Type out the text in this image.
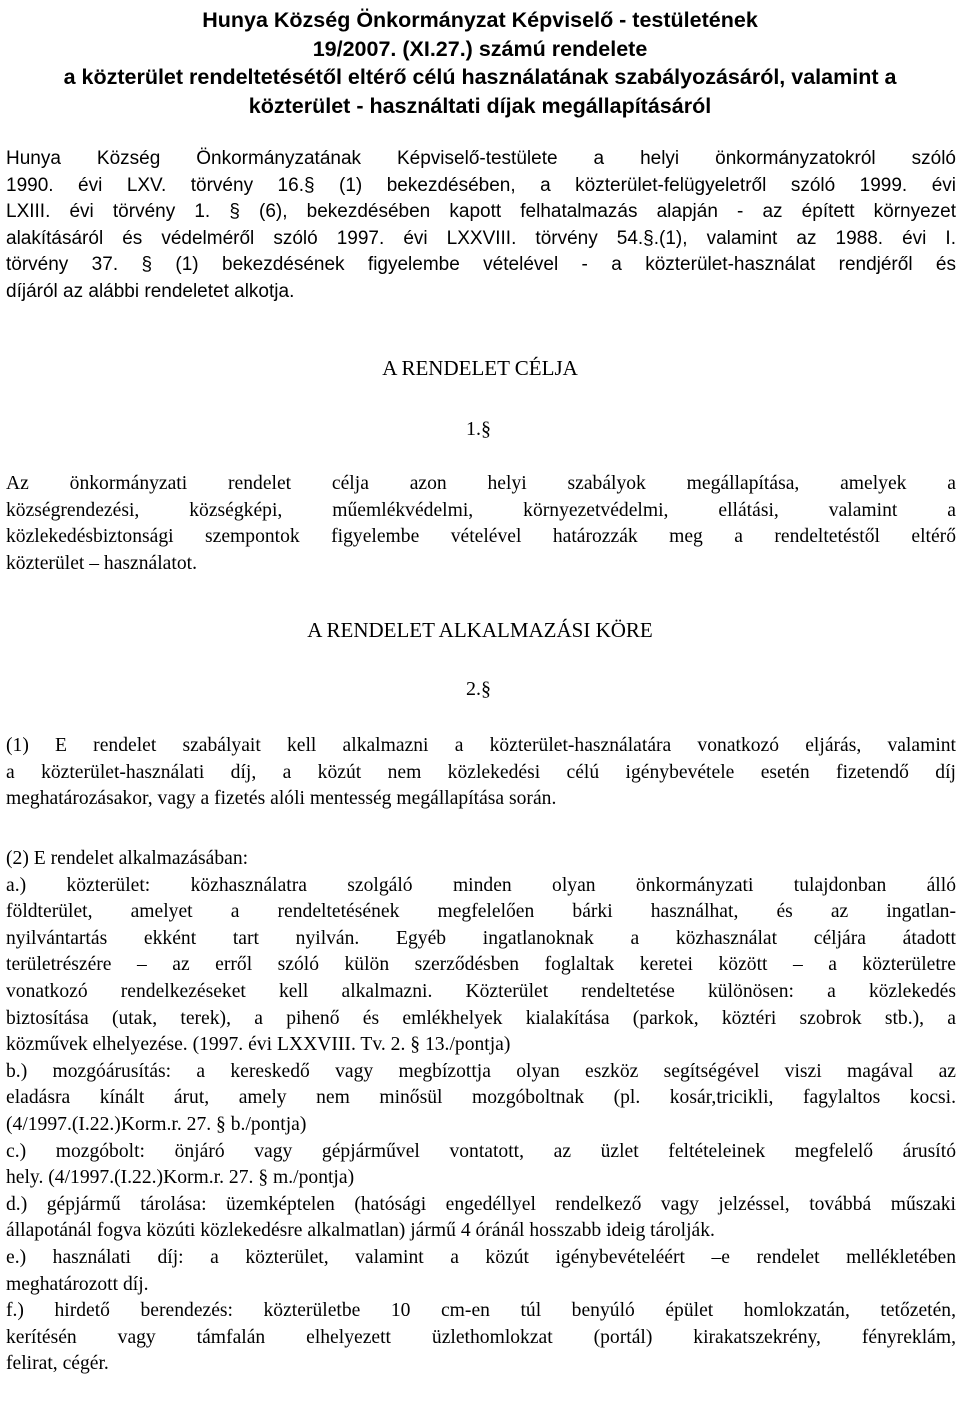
Hunya Község Önkormányzat Képviselő - testületének
19/2007. (XI.27.) számú rendelete
a közterület rendeltetésétől eltérő célú használatának szabályozásáról, valamint a
közterület - használtati díjak megállapításáról
Hunya Község Önkormányzatának Képviselő-testülete a helyi önkormányzatokról szóló
1990. évi LXV. törvény 16.§ (1) bekezdésében, a közterület-felügyeletről szóló 1999. évi
LXIII. évi törvény 1. § (6), bekezdésében kapott felhatalmazás alapján - az épített környezet
alakításáról és védelméről szóló 1997. évi LXXVIII. törvény 54.§.(1), valamint az 1988. évi I.
törvény 37. § (1) bekezdésének figyelembe vételével - a közterület-használat rendjéről és
díjáról az alábbi rendeletet alkotja.
A RENDELET CÉLJA
1.§
Az önkormányzati rendelet célja azon helyi szabályok megállapítása, amelyek a
községrendezési, községképi, műemlékvédelmi, környezetvédelmi, ellátási, valamint a
közlekedésbiztonsági szempontok figyelembe vételével határozzák meg a rendeltetéstől eltérő
közterület – használatot.
A RENDELET ALKALMAZÁSI KÖRE
2.§
(1) E rendelet szabályait kell alkalmazni a közterület-használatára vonatkozó eljárás, valamint
a közterület-használati díj, a közút nem közlekedési célú igénybevétele esetén fizetendő díj
meghatározásakor, vagy a fizetés alóli mentesség megállapítása során.
(2) E rendelet alkalmazásában:
a.) közterület: közhasználatra szolgáló minden olyan önkormányzati tulajdonban álló
földterület, amelyet a rendeltetésének megfelelően bárki használhat, és az ingatlan-
nyilvántartás ekként tart nyilván. Egyéb ingatlanoknak a közhasználat céljára átadott
területrészére – az erről szóló külön szerződésben foglaltak keretei között – a közterületre
vonatkozó rendelkezéseket kell alkalmazni. Közterület rendeltetése különösen: a közlekedés
biztosítása (utak, terek), a pihenő és emlékhelyek kialakítása (parkok, köztéri szobrok stb.), a
közművek elhelyezése. (1997. évi LXXVIII. Tv. 2. § 13./pontja)
b.) mozgóárusítás: a kereskedő vagy megbízottja olyan eszköz segítségével viszi magával az
eladásra kínált árut, amely nem minősül mozgóboltnak (pl. kosár,tricikli, fagylaltos kocsi.
(4/1997.(I.22.)Korm.r. 27. § b./pontja)
c.) mozgóbolt: önjáró vagy gépjárművel vontatott, az üzlet feltételeinek megfelelő árusító
hely. (4/1997.(I.22.)Korm.r. 27. § m./pontja)
d.) gépjármű tárolása: üzemképtelen (hatósági engedéllyel rendelkező vagy jelzéssel, továbbá műszaki
állapotánál fogva közúti közlekedésre alkalmatlan) jármű 4 óránál hosszabb ideig tárolják.
e.) használati díj: a közterület, valamint a közút igénybevételéért –e rendelet mellékletében
meghatározott díj.
f.) hirdető berendezés: közterületbe 10 cm-en túl benyúló épület homlokzatán, tetőzetén,
kerítésén vagy támfalán elhelyezett üzlethomlokzat (portál) kirakatszekrény, fényreklám,
felirat, cégér.
